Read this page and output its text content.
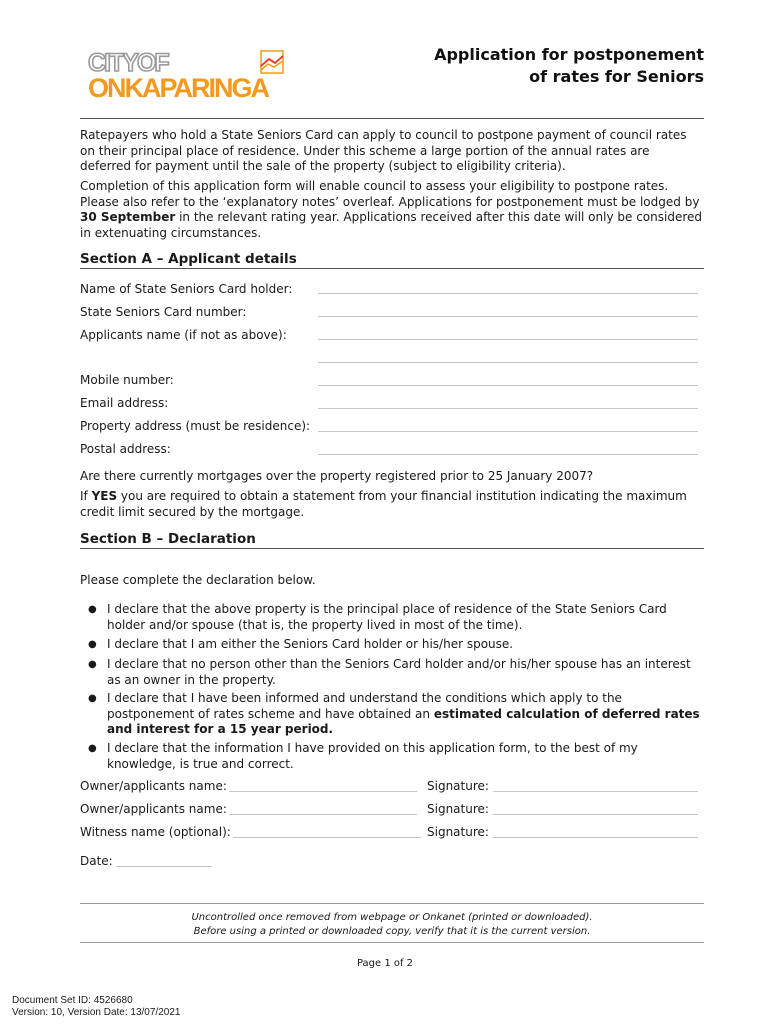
CITYOF
ONKAPARINGA
Application for postponement
of rates for Seniors
Ratepayers who hold a State Seniors Card can apply to council to postpone payment of council rates on their principal place of residence. Under this scheme a large portion of the annual rates are deferred for payment until the sale of the property (subject to eligibility criteria).
Completion of this application form will enable council to assess your eligibility to postpone rates. Please also refer to the ‘explanatory notes’ overleaf. Applications for postponement must be lodged by
30 September in the relevant rating year. Applications received after this date will only be considered in extenuating circumstances.
Section A – Applicant details
Name of State Seniors Card holder:
State Seniors Card number:
Applicants name (if not as above):
Mobile number:
Email address:
Property address (must be residence):
Postal address:
Are there currently mortgages over the property registered prior to 25 January 2007?
If YES you are required to obtain a statement from your financial institution indicating the maximum credit limit secured by the mortgage.
Section B – Declaration
Please complete the declaration below.
● I declare that the above property is the principal place of residence of the State Seniors Card holder and/or spouse (that is, the property lived in most of the time).
● I declare that I am either the Seniors Card holder or his/her spouse.
● I declare that no person other than the Seniors Card holder and/or his/her spouse has an interest as an owner in the property.
● I declare that I have been informed and understand the conditions which apply to the postponement of rates scheme and have obtained an estimated calculation of deferred rates and interest for a 15 year period.
● I declare that the information I have provided on this application form, to the best of my knowledge, is true and correct.
Owner/applicants name:	Signature:
Owner/applicants name:	Signature:
Witness name (optional):	Signature:
Date:
Uncontrolled once removed from webpage or Onkanet (printed or downloaded).
Before using a printed or downloaded copy, verify that it is the current version.
Page 1 of 2
Document Set ID: 4526680
Version: 10, Version Date: 13/07/2021
